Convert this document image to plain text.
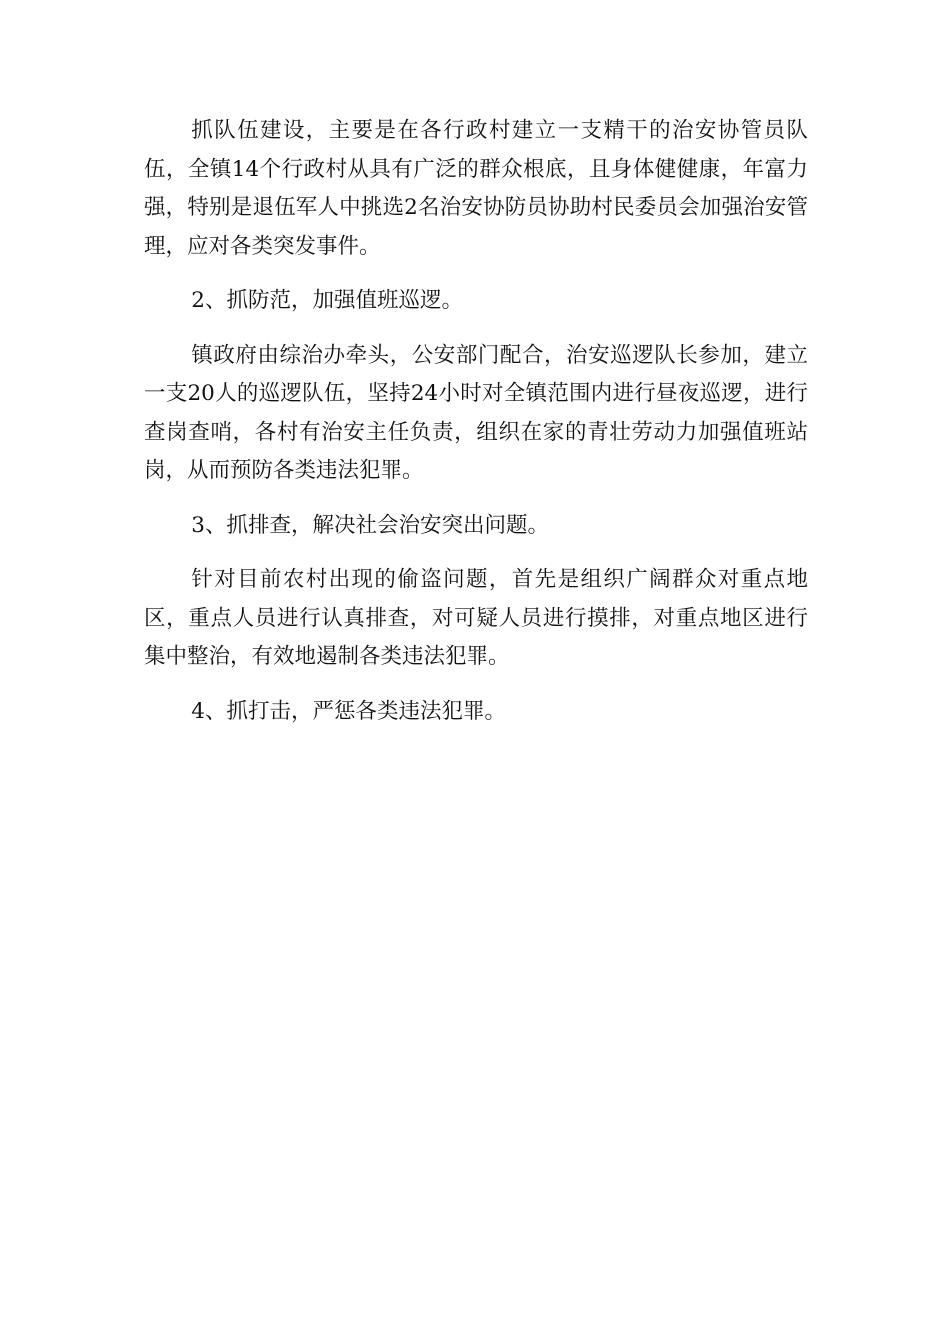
抓队伍建设，主要是在各行政村建立一支精干的治安协管员队伍，全镇14个行政村从具有广泛的群众根底，且身体健健康，年富力强，特别是退伍军人中挑选2名治安协防员协助村民委员会加强治安管理，应对各类突发事件。

2、抓防范，加强值班巡逻。

镇政府由综治办牵头，公安部门配合，治安巡逻队长参加，建立一支20人的巡逻队伍，坚持24小时对全镇范围内进行昼夜巡逻，进行查岗查哨，各村有治安主任负责，组织在家的青壮劳动力加强值班站岗，从而预防各类违法犯罪。

3、抓排查，解决社会治安突出问题。

针对目前农村出现的偷盗问题，首先是组织广阔群众对重点地区，重点人员进行认真排查，对可疑人员进行摸排，对重点地区进行集中整治，有效地遏制各类违法犯罪。

4、抓打击，严惩各类违法犯罪。
